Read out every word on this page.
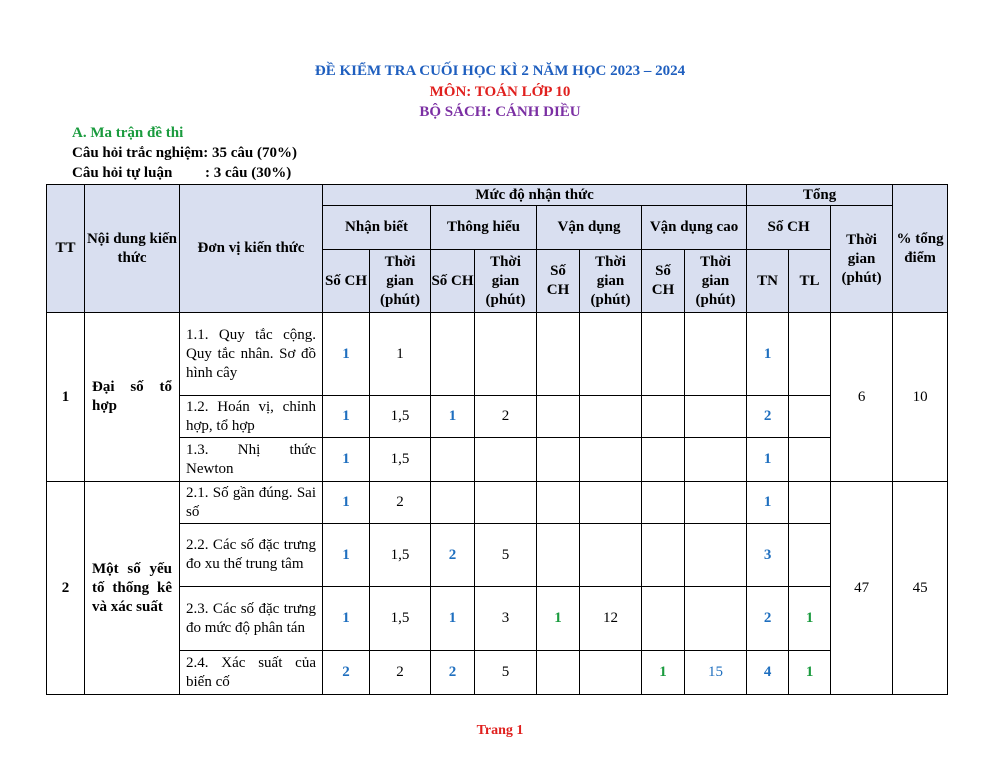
ĐỀ KIỂM TRA CUỐI HỌC KÌ 2 NĂM HỌC 2023 – 2024
MÔN: TOÁN LỚP 10
BỘ SÁCH: CÁNH DIỀU
A. Ma trận đề thi
Câu hỏi trắc nghiệm: 35 câu (70%)
Câu hỏi tự luận : 3 câu (30%)
TT	Nội dung kiến thức	Đơn vị kiến thức	Mức độ nhận thức								Tổng			% tổng điểm
			Nhận biết		Thông hiểu		Vận dụng		Vận dụng cao		Số CH		Thời gian (phút)	
			Số CH	Thời gian (phút)	Số CH	Thời gian (phút)	Số CH	Thời gian (phút)	Số CH	Thời gian (phút)	TN	TL		
1	Đại số tổ hợp	1.1. Quy tắc cộng. Quy tắc nhân. Sơ đồ hình cây	1	1							1		6	10
		1.2. Hoán vị, chỉnh hợp, tổ hợp	1	1,5	1	2					2			
		1.3. Nhị thức Newton	1	1,5							1			
2	Một số yếu tố thống kê và xác suất	2.1. Số gần đúng. Sai số	1	2							1		47	45
		2.2. Các số đặc trưng đo xu thế trung tâm	1	1,5	2	5					3			
		2.3. Các số đặc trưng đo mức độ phân tán	1	1,5	1	3	1	12			2	1		
		2.4. Xác suất của biến cố	2	2	2	5			1	15	4	1		
Trang 1
